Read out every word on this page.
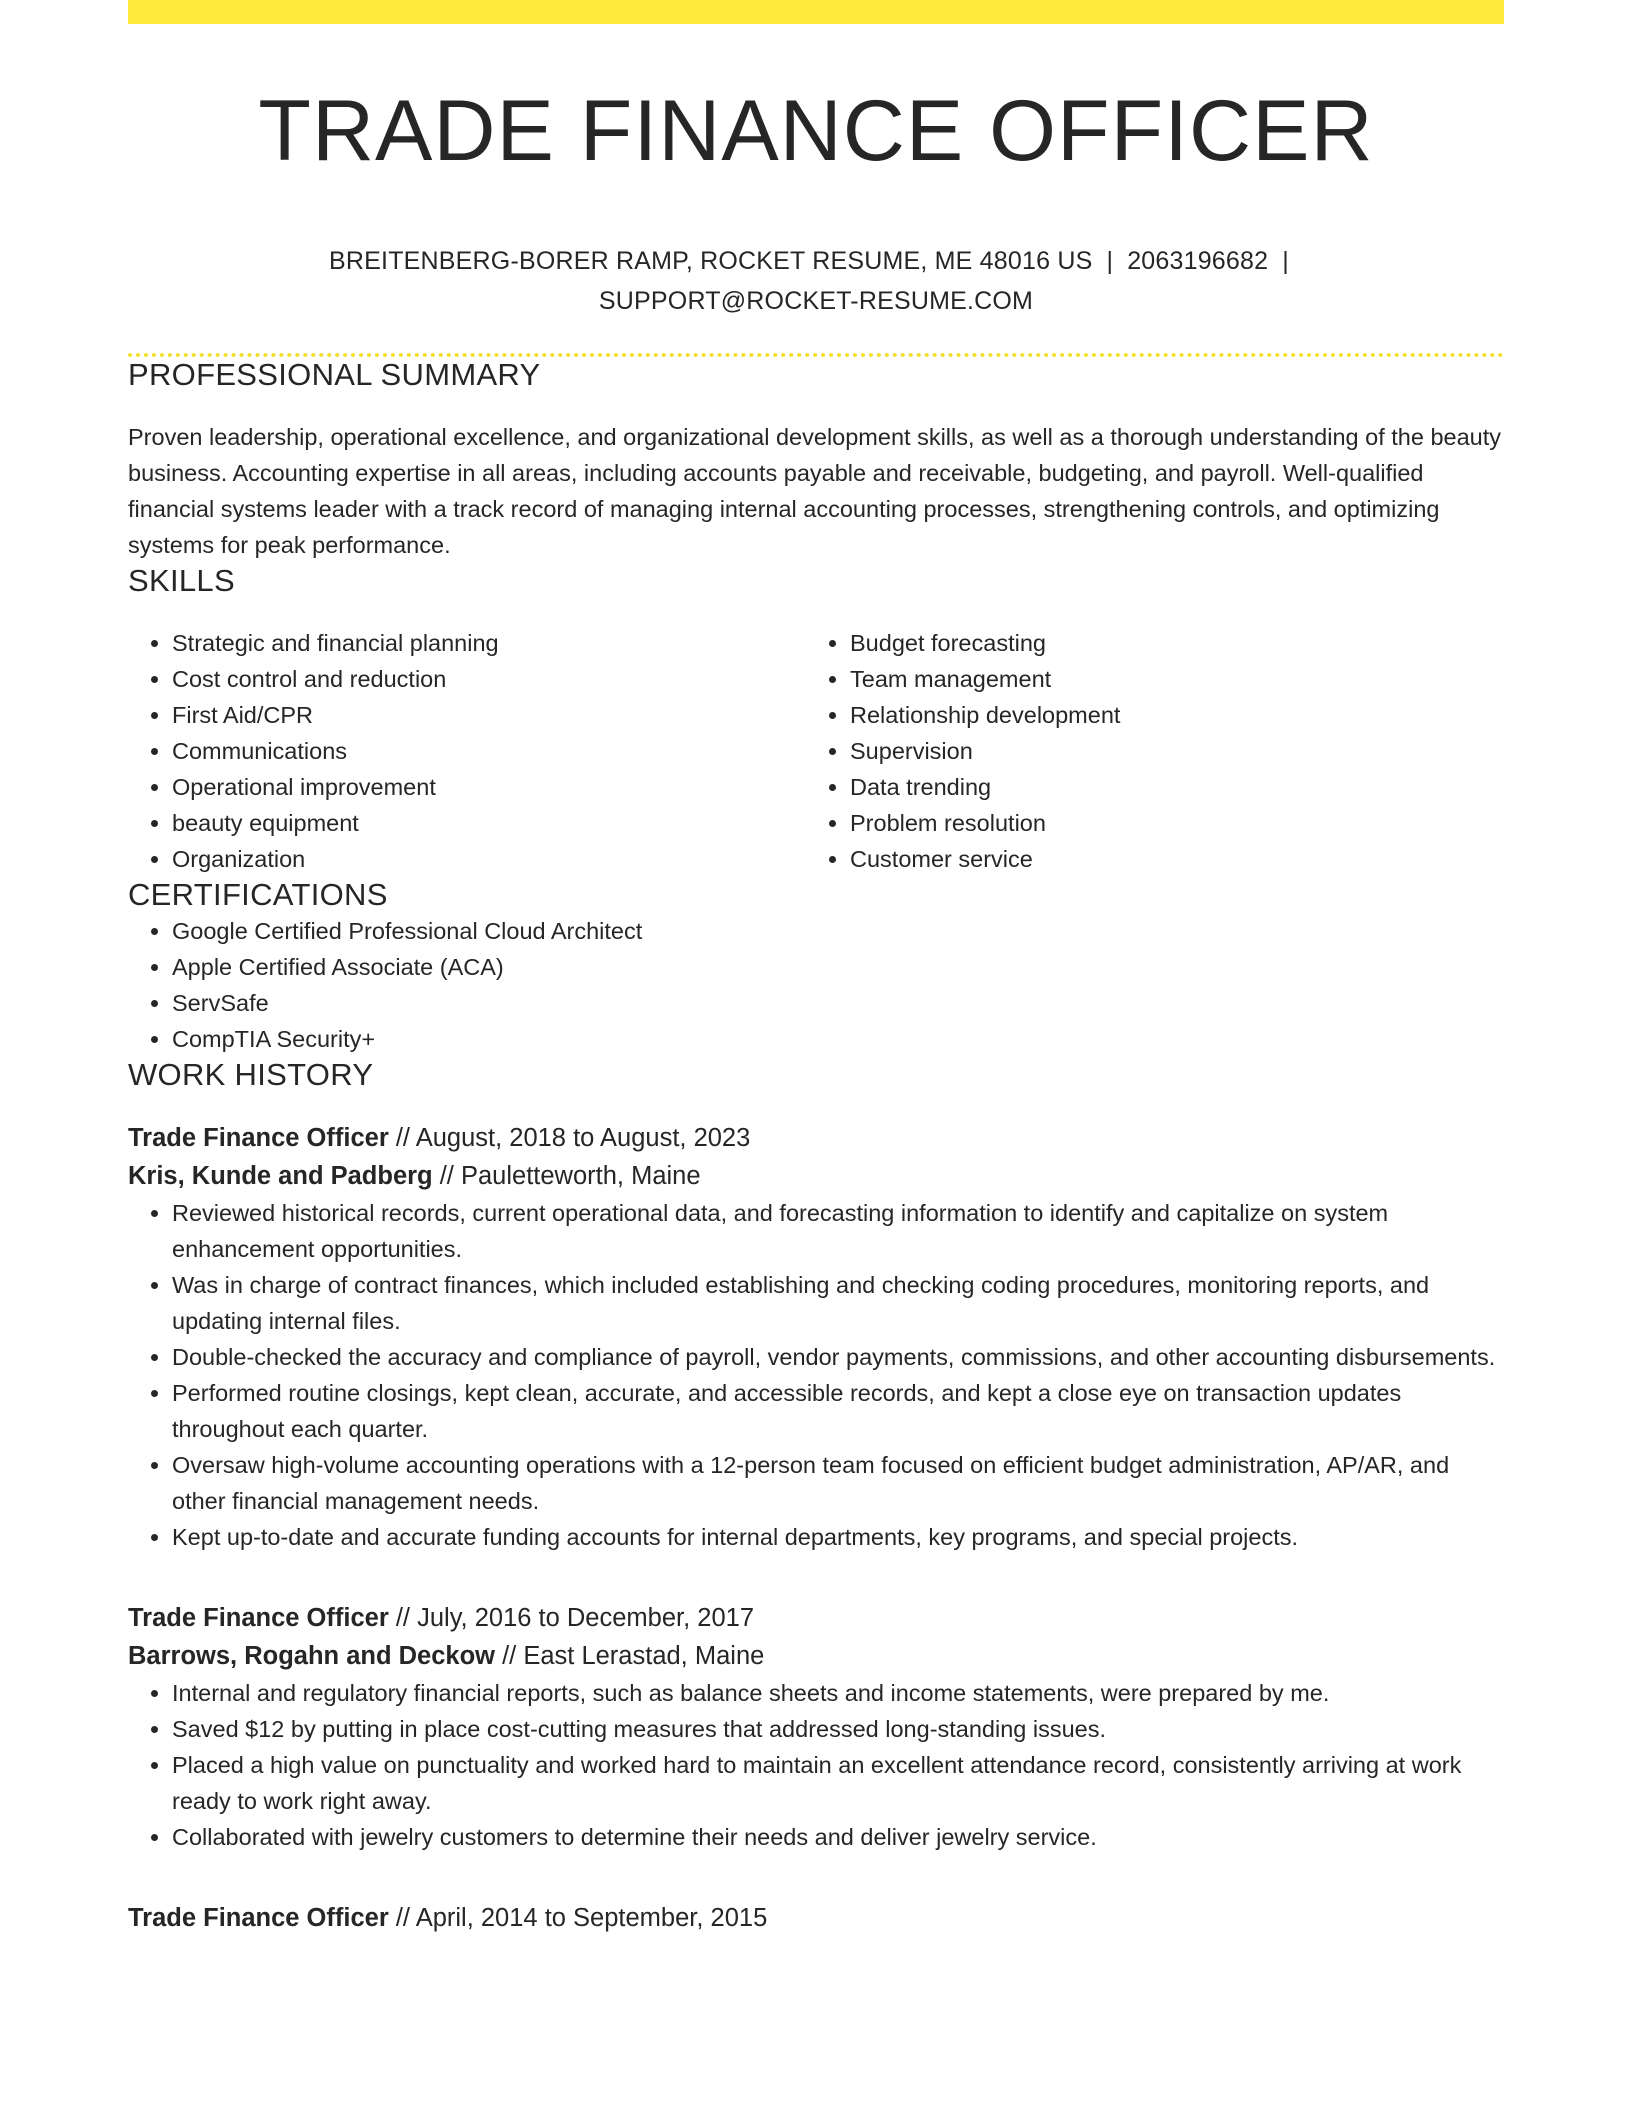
TRADE FINANCE OFFICER
BREITENBERG-BORER RAMP, ROCKET RESUME, ME 48016 US | 2063196682 |
SUPPORT@ROCKET-RESUME.COM
PROFESSIONAL SUMMARY

Proven leadership, operational excellence, and organizational development skills, as well as a thorough understanding of the beauty business. Accounting expertise in all areas, including accounts payable and receivable, budgeting, and payroll. Well-qualified financial systems leader with a track record of managing internal accounting processes, strengthening controls, and optimizing systems for peak performance.

SKILLS
• Strategic and financial planning
• Cost control and reduction
• First Aid/CPR
• Communications
• Operational improvement
• beauty equipment
• Organization
• Budget forecasting
• Team management
• Relationship development
• Supervision
• Data trending
• Problem resolution
• Customer service
CERTIFICATIONS
• Google Certified Professional Cloud Architect
• Apple Certified Associate (ACA)
• ServSafe
• CompTIA Security+
WORK HISTORY
Trade Finance Officer // August, 2018 to August, 2023
Kris, Kunde and Padberg // Pauletteworth, Maine
• Reviewed historical records, current operational data, and forecasting information to identify and capitalize on system enhancement opportunities.
• Was in charge of contract finances, which included establishing and checking coding procedures, monitoring reports, and updating internal files.
• Double-checked the accuracy and compliance of payroll, vendor payments, commissions, and other accounting disbursements.
• Performed routine closings, kept clean, accurate, and accessible records, and kept a close eye on transaction updates throughout each quarter.
• Oversaw high-volume accounting operations with a 12-person team focused on efficient budget administration, AP/AR, and other financial management needs.
• Kept up-to-date and accurate funding accounts for internal departments, key programs, and special projects.
Trade Finance Officer // July, 2016 to December, 2017
Barrows, Rogahn and Deckow // East Lerastad, Maine
• Internal and regulatory financial reports, such as balance sheets and income statements, were prepared by me.
• Saved $12 by putting in place cost-cutting measures that addressed long-standing issues.
• Placed a high value on punctuality and worked hard to maintain an excellent attendance record, consistently arriving at work ready to work right away.
• Collaborated with jewelry customers to determine their needs and deliver jewelry service.
Trade Finance Officer // April, 2014 to September, 2015
